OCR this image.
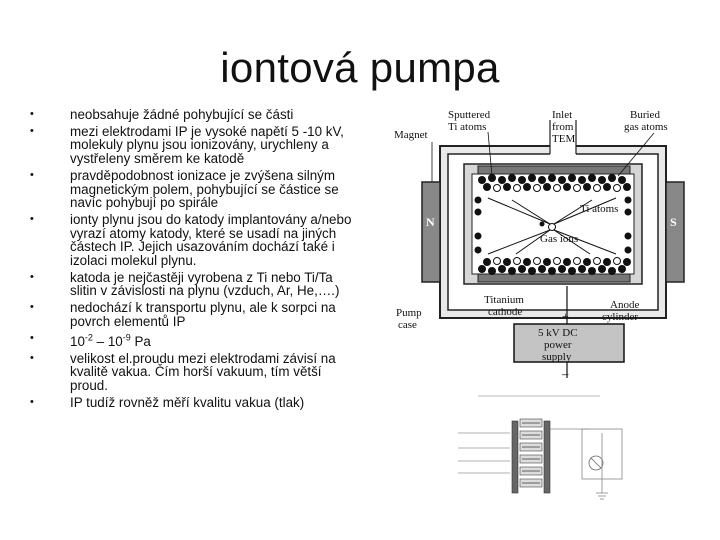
iontová pumpa
•	neobsahuje žádné pohybující se části
•	mezi elektrodami IP je vysoké napětí 5 -10 kV, molekuly plynu jsou ionizovány, urychleny a vystřeleny směrem ke katodě
•	pravděpodobnost ionizace je zvýšena silným magnetickým polem, pohybující se částice se navíc pohybují po spirále
•	ionty plynu jsou do katody implantovány a/nebo vyrazí atomy katody, které se usadí na jiných částech IP. Jejich usazováním dochází také i izolaci molekul plynu.
•	katoda je nejčastěji vyrobena z Ti nebo Ti/Ta slitin v závislosti na plynu (vzduch, Ar, He,….)
•	nedochází k transportu plynu, ale k sorpci na povrch elementů IP
•	$10^{-2} - 10^{-9}$ Pa
•	velikost el.proudu mezi elektrodami závisí na kvalitě vakua. Čím horší vakuum, tím větší proud.
•	IP tudíž rovněž měří kvalitu vakua (tlak)
N	S
Ti atoms
Gas ions
Sputtered
Ti atoms
Inlet
from
TEM
Buried
gas atoms
Magnet
Titanium
cathode
Anode
cylinder
Pump
case
+
5 kV DC
power
supply
–
